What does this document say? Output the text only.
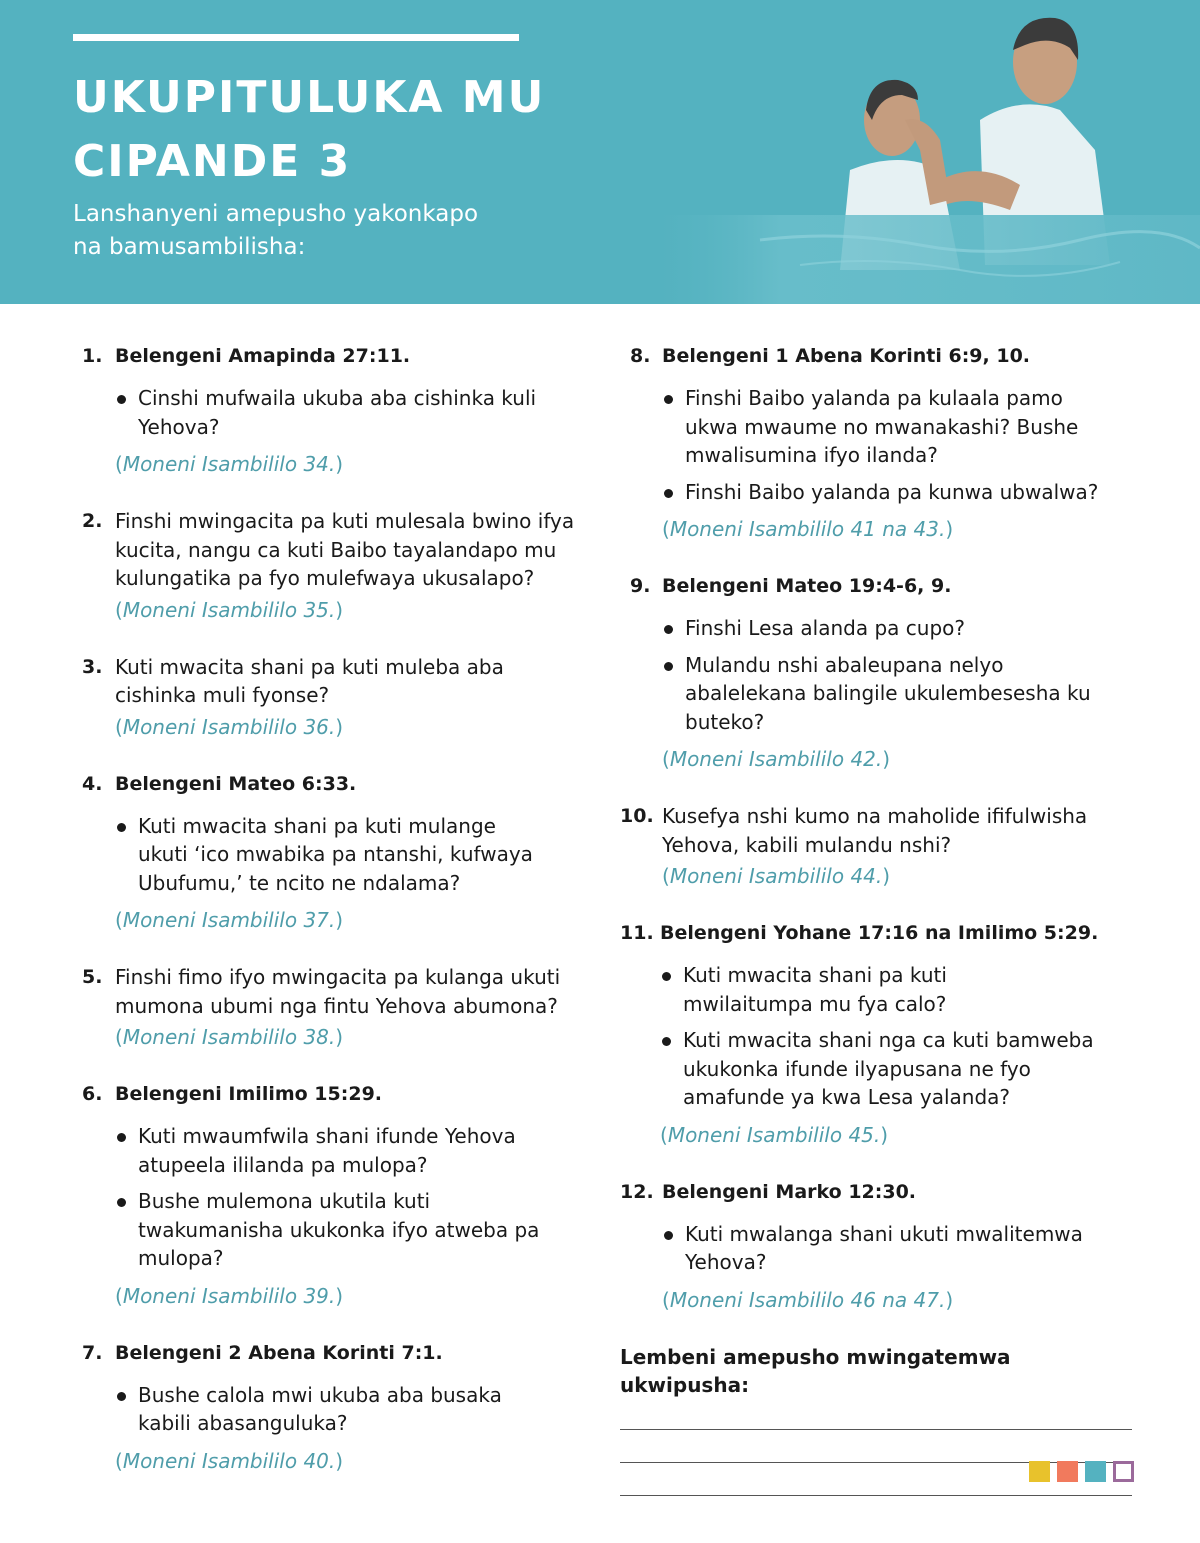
UKUPITULUKA MU
CIPANDE 3

Lanshanyeni amepusho yakonkapo
na bamusambilisha:

1. Belengeni Amapinda 27:11.
Cinshi mufwaila ukuba aba cishinka kuli Yehova?
(Moneni Isambililo 34.)
2. Finshi mwingacita pa kuti mulesala bwino ifya kucita, nangu ca kuti Baibo tayalandapo mu kulungatika pa fyo mulefwaya ukusalapo?
(Moneni Isambililo 35.)
3. Kuti mwacita shani pa kuti muleba aba cishinka muli fyonse?
(Moneni Isambililo 36.)
4. Belengeni Mateo 6:33.
Kuti mwacita shani pa kuti mulange ukuti ‘ico mwabika pa ntanshi, kufwaya Ubufumu,’ te ncito ne ndalama?
(Moneni Isambililo 37.)
5. Finshi fimo ifyo mwingacita pa kulanga ukuti mumona ubumi nga fintu Yehova abumona?
(Moneni Isambililo 38.)
6. Belengeni Imilimo 15:29.
Kuti mwaumfwila shani ifunde Yehova atupeela ililanda pa mulopa?
Bushe mulemona ukutila kuti twakumanisha ukukonka ifyo atweba pa mulopa?
(Moneni Isambililo 39.)
7. Belengeni 2 Abena Korinti 7:1.
Bushe calola mwi ukuba aba busaka kabili abasanguluka?
(Moneni Isambililo 40.)
8. Belengeni 1 Abena Korinti 6:9, 10.
Finshi Baibo yalanda pa kulaala pamo ukwa mwaume no mwanakashi? Bushe mwalisumina ifyo ilanda?
Finshi Baibo yalanda pa kunwa ubwalwa?
(Moneni Isambililo 41 na 43.)
9. Belengeni Mateo 19:4-6, 9.
Finshi Lesa alanda pa cupo?
Mulandu nshi abaleupana nelyo abalelekana balingile ukulembesesha ku buteko?
(Moneni Isambililo 42.)
10. Kusefya nshi kumo na maholide ififulwisha Yehova, kabili mulandu nshi?
(Moneni Isambililo 44.)
11. Belengeni Yohane 17:16 na Imilimo 5:29.
Kuti mwacita shani pa kuti mwilaitumpa mu fya calo?
Kuti mwacita shani nga ca kuti bamweba ukukonka ifunde ilyapusana ne fyo amafunde ya kwa Lesa yalanda?
(Moneni Isambililo 45.)
12. Belengeni Marko 12:30.
Kuti mwalanga shani ukuti mwalitemwa Yehova?
(Moneni Isambililo 46 na 47.)
Lembeni amepusho mwingatemwa ukwipusha:
